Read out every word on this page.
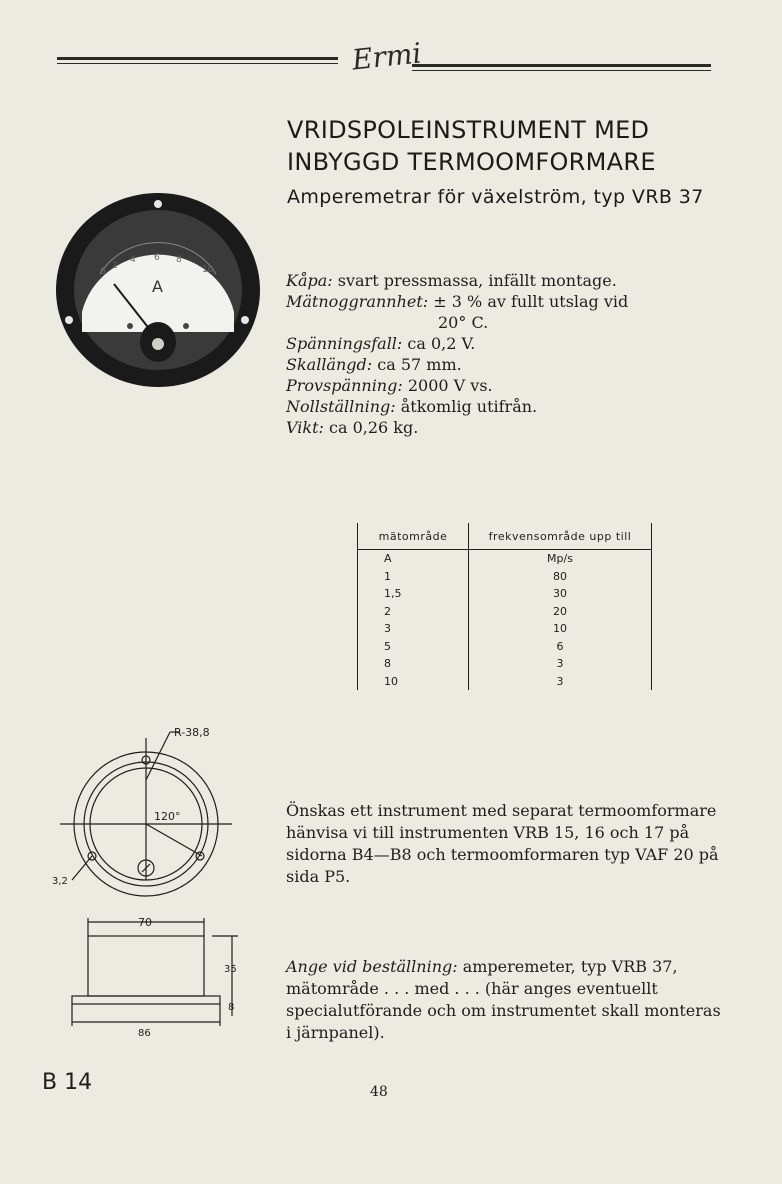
Ermi
VRIDSPOLEINSTRUMENT MED
INBYGGD TERMOOMFORMARE
Amperemetrar för växelström, typ VRB 37
0
2
4 6 8
10
A	Kåpa: svart pressmassa, infällt montage.
Mätnoggrannhet: ± 3 % av fullt utslag vid
20° C.
Spänningsfall: ca 0,2 V.
Skallängd: ca 57 mm.
Provspänning: 2000 V vs.
Nollställning: åtkomlig utifrån.
Vikt: ca 0,26 kg.
mätområde	frekvensområde upp till
A	Mp/s
1	80
1,5	30
2	20
3	10
5	6
8	3
10	3
R-38,8
120°
3,2
70
35
8
86
Önskas ett instrument med separat termoomformare hänvisa vi till instrumenten VRB 15, 16 och 17 på sidorna B4—B8 och termoomformaren typ VAF 20 på sida P5.
Ange vid beställning: amperemeter, typ VRB 37, mätområde . . . med . . . (här anges eventuellt specialutförande och om instrumentet skall monteras i järnpanel).
B 14	48
